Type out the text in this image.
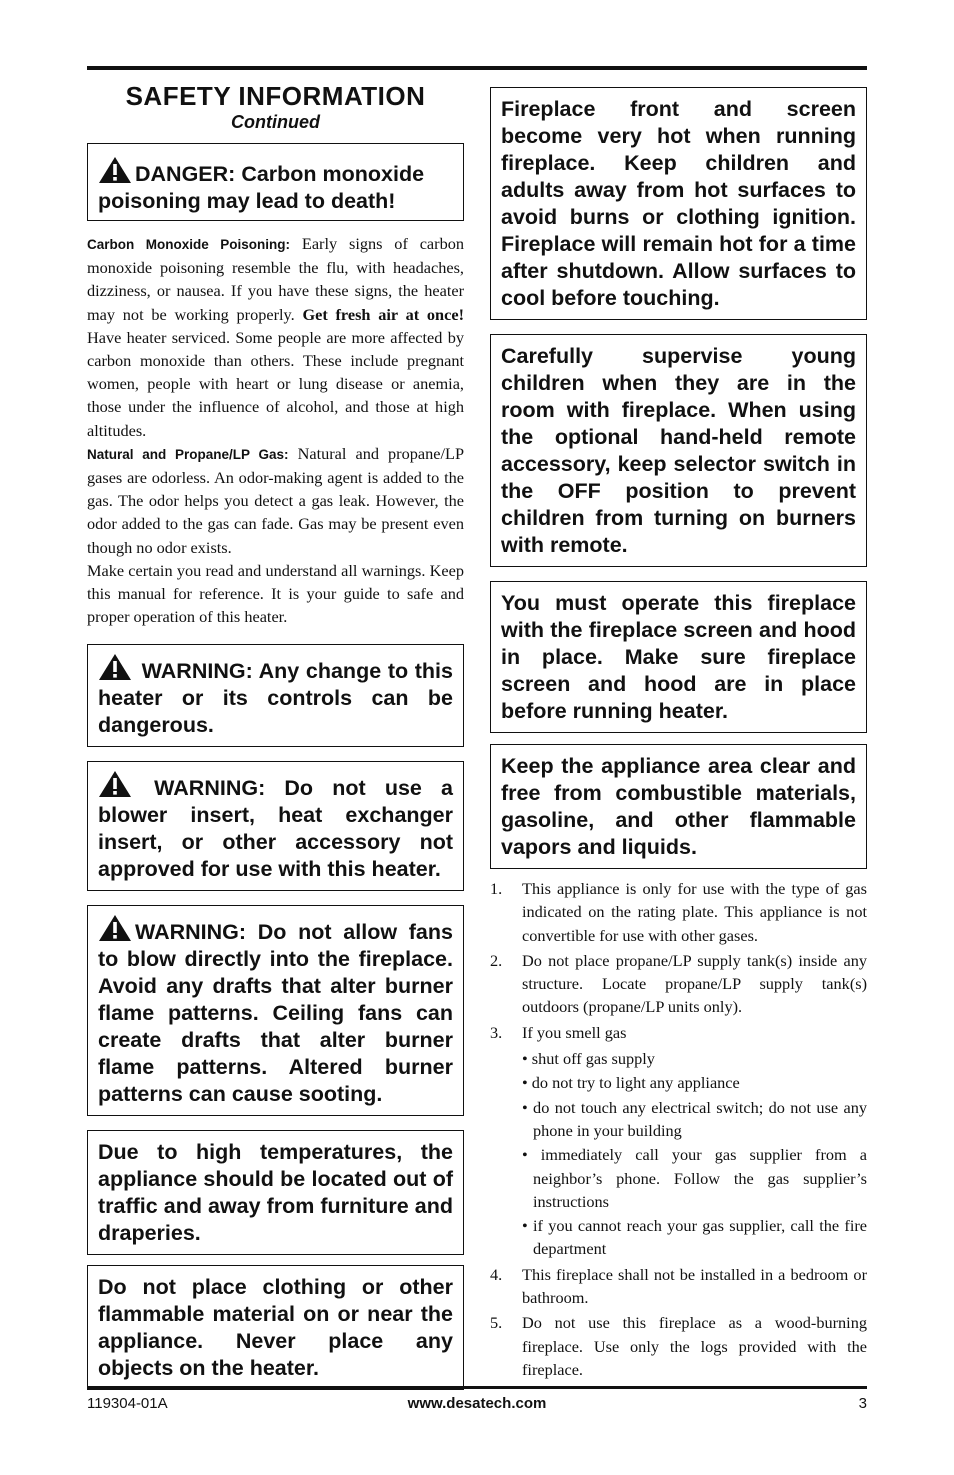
SAFETY INFORMATION
Continued
DANGER: Carbon monoxide poisoning may lead to death!

Carbon Monoxide Poisoning: Early signs of carbon monoxide poisoning resemble the flu, with headaches, dizziness, or nausea. If you have these signs, the heater may not be working properly. Get fresh air at once! Have heater serviced. Some people are more affected by carbon monoxide than others. These include pregnant women, people with heart or lung disease or anemia, those under the influence of alcohol, and those at high altitudes.

Natural and Propane/LP Gas: Natural and propane/LP gases are odorless. An odor-making agent is added to the gas. The odor helps you detect a gas leak. However, the odor added to the gas can fade. Gas may be present even though no odor exists.

Make certain you read and understand all warnings. Keep this manual for reference. It is your guide to safe and proper operation of this heater.

WARNING: Any change to this heater or its controls can be dangerous.
WARNING: Do not use a blower insert, heat exchanger insert, or other accessory not approved for use with this heater.
WARNING: Do not allow fans to blow directly into the fireplace. Avoid any drafts that alter burner flame patterns. Ceiling fans can create drafts that alter burner flame patterns. Altered burner patterns can cause sooting.
Due to high temperatures, the appliance should be located out of traffic and away from furniture and draperies.
Do not place clothing or other flammable material on or near the appliance. Never place any objects on the heater.
Fireplace front and screen become very hot when running fireplace. Keep children and adults away from hot surfaces to avoid burns or clothing ignition. Fireplace will remain hot for a time after shutdown. Allow surfaces to cool before touching.
Carefully supervise young children when they are in the room with fireplace. When using the optional hand-held remote accessory, keep selector switch in the OFF position to prevent children from turning on burners with remote.
You must operate this fireplace with the fireplace screen and hood in place. Make sure fireplace screen and hood are in place before running heater.
Keep the appliance area clear and free from combustible materials, gasoline, and other flammable vapors and liquids.
1. This appliance is only for use with the type of gas indicated on the rating plate. This appliance is not convertible for use with other gases.
2. Do not place propane/LP supply tank(s) inside any structure. Locate propane/LP supply tank(s) outdoors (propane/LP units only).
3. If you smell gas
• shut off gas supply
• do not try to light any appliance
• do not touch any electrical switch; do not use any phone in your building
• immediately call your gas supplier from a neighbor’s phone. Follow the gas supplier’s instructions
• if you cannot reach your gas supplier, call the fire department
4. This fireplace shall not be installed in a bedroom or bathroom.
5. Do not use this fireplace as a wood-burning fireplace. Use only the logs provided with the fireplace.
119304-01A	www.desatech.com	3
